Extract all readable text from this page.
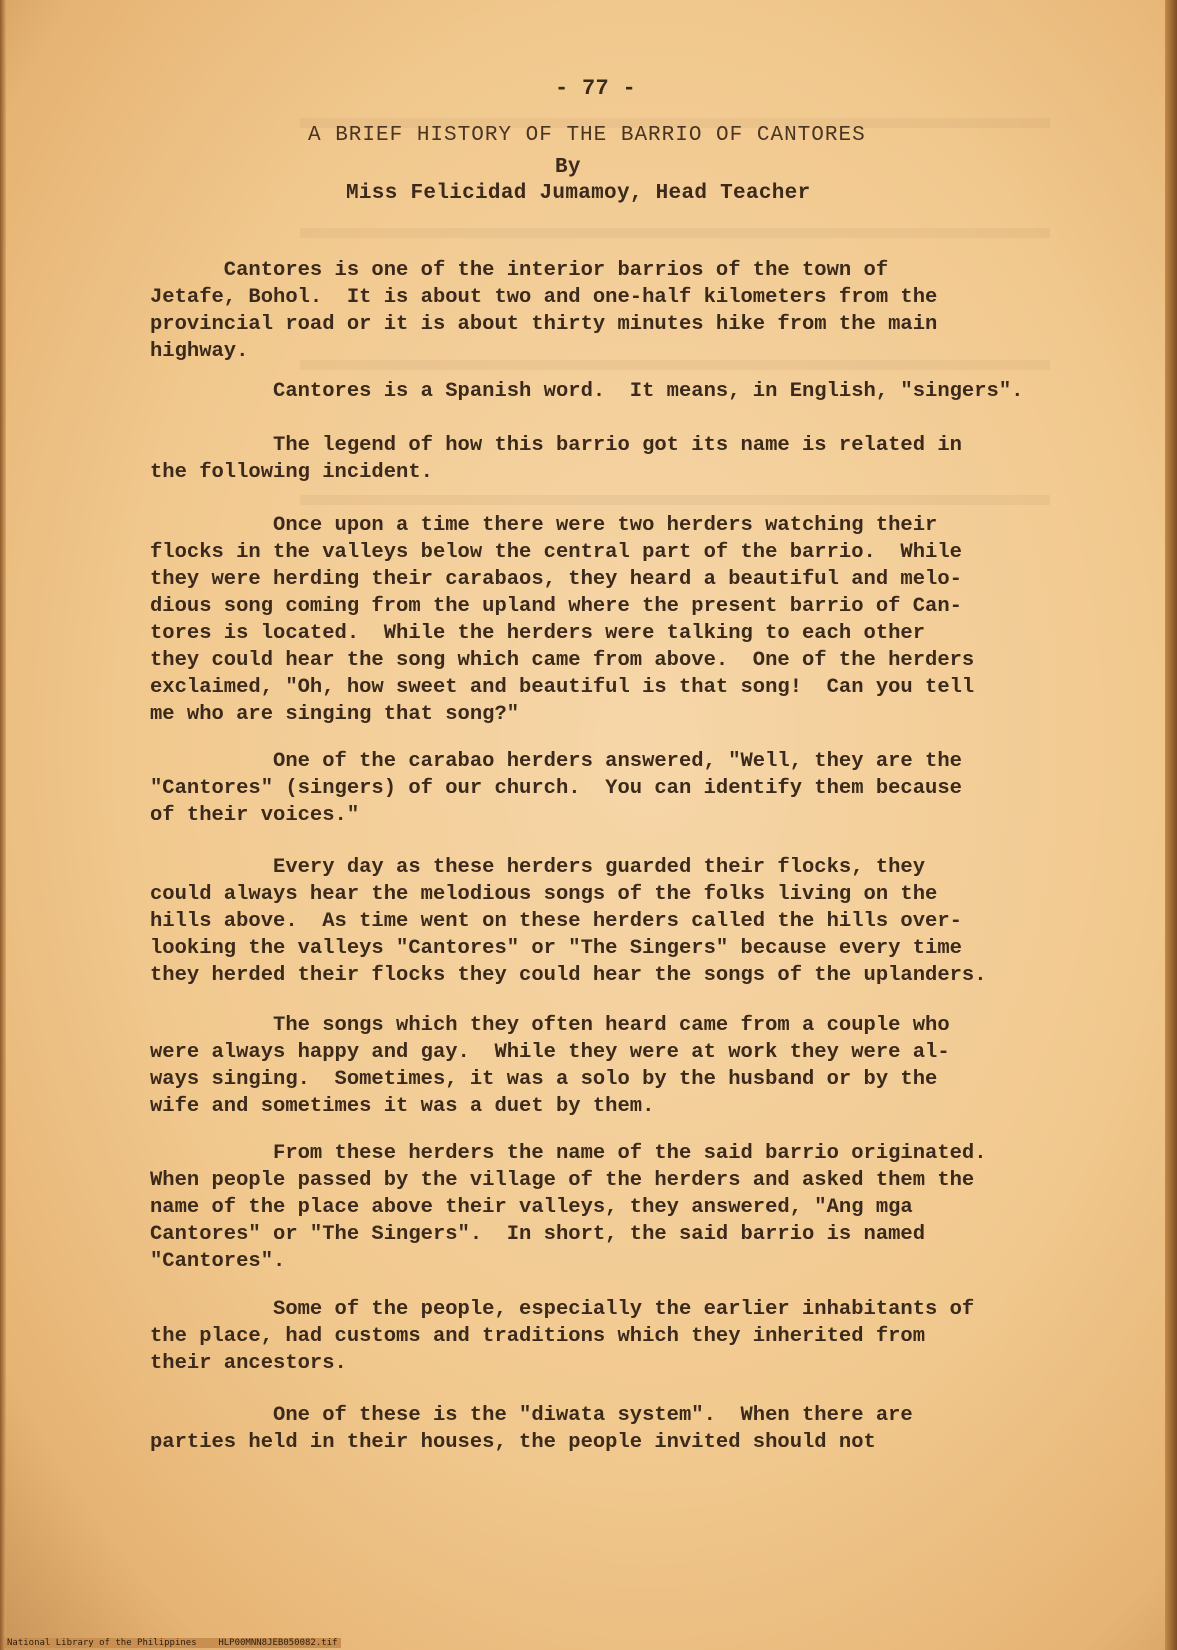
- 77 -
A BRIEF HISTORY OF THE BARRIO OF CANTORES
By
Miss Felicidad Jumamoy, Head Teacher
Cantores is one of the interior barrios of the town of
Jetafe, Bohol.  It is about two and one-half kilometers from the
provincial road or it is about thirty minutes hike from the main
highway.
Cantores is a Spanish word.  It means, in English, "singers".
The legend of how this barrio got its name is related in
the following incident.
Once upon a time there were two herders watching their
flocks in the valleys below the central part of the barrio.  While
they were herding their carabaos, they heard a beautiful and melo-
dious song coming from the upland where the present barrio of Can-
tores is located.  While the herders were talking to each other
they could hear the song which came from above.  One of the herders
exclaimed, "Oh, how sweet and beautiful is that song!  Can you tell
me who are singing that song?"
One of the carabao herders answered, "Well, they are the
"Cantores" (singers) of our church.  You can identify them because
of their voices."
Every day as these herders guarded their flocks, they
could always hear the melodious songs of the folks living on the
hills above.  As time went on these herders called the hills over-
looking the valleys "Cantores" or "The Singers" because every time
they herded their flocks they could hear the songs of the uplanders.
The songs which they often heard came from a couple who
were always happy and gay.  While they were at work they were al-
ways singing.  Sometimes, it was a solo by the husband or by the
wife and sometimes it was a duet by them.
From these herders the name of the said barrio originated.
When people passed by the village of the herders and asked them the
name of the place above their valleys, they answered, "Ang mga
Cantores" or "The Singers".  In short, the said barrio is named
"Cantores".
Some of the people, especially the earlier inhabitants of
the place, had customs and traditions which they inherited from
their ancestors.
One of these is the "diwata system".  When there are
parties held in their houses, the people invited should not
National Library of the Philippines    HLP00MNN8JEB050082.tif
